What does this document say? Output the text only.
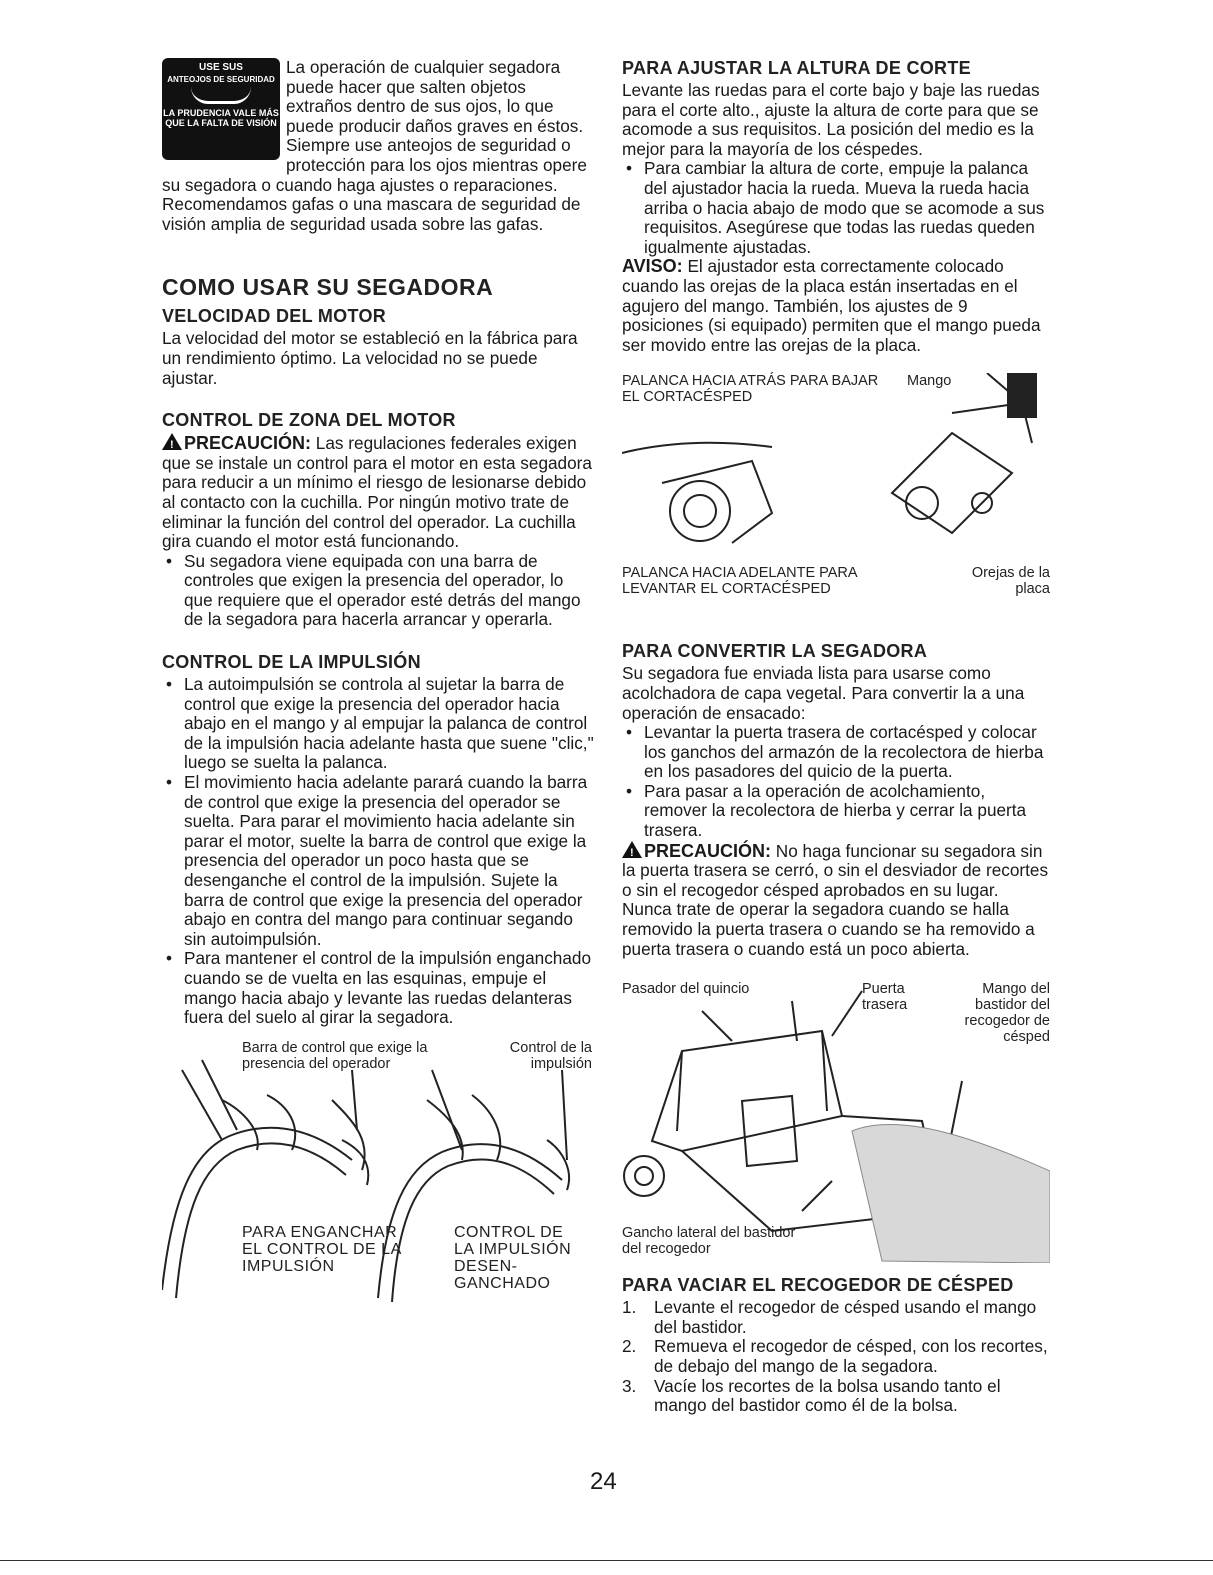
USE SUS
ANTEOJOS DE SEGURIDAD
LA PRUDENCIA VALE MÁS QUE LA FALTA DE VISIÓN

La operación de cualquier segadora puede hacer que salten objetos extraños dentro de sus ojos, lo que puede producir daños graves en éstos. Siempre use anteojos de seguridad o protección para los ojos mientras opere su segadora o cuando haga ajustes o reparaciones. Recomendamos gafas o una mascara de seguridad de visión amplia de seguridad usada sobre las gafas.

COMO USAR SU SEGADORA
VELOCIDAD DEL MOTOR

La velocidad del motor se estableció en la fábrica para un rendimiento óptimo. La velocidad no se puede ajustar.

CONTROL DE ZONA DEL MOTOR

!PRECAUCIÓN: Las regulaciones federales exigen que se instale un control para el motor en esta segadora para reducir a un mínimo el riesgo de lesionarse debido al contacto con la cuchilla. Por ningún motivo trate de eliminar la función del control del operador. La cuchilla gira cuando el motor está funcionando.

• Su segadora viene equipada con una barra de controles que exigen la presencia del operador, lo que requiere que el operador esté detrás del mango de la segadora para hacerla arrancar y operarla.
CONTROL DE LA IMPULSIÓN
• La autoimpulsión se controla al sujetar la barra de control que exige la presencia del operador hacia abajo en el mango y al empujar la palanca de control de la impulsión hacia adelante hasta que suene "clic," luego se suelta la palanca.
• El movimiento hacia adelante parará cuando la barra de control que exige la presencia del operador se suelta. Para parar el movimiento hacia adelante sin parar el motor, suelte la barra de control que exige la presencia del operador un poco hasta que se desenganche el control de la impulsión. Sujete la barra de control que exige la presencia del operador abajo en contra del mango para continuar segando sin autoimpulsión.
• Para mantener el control de la impulsión enganchado cuando se de vuelta en las esquinas, empuje el mango hacia abajo y levante las ruedas delanteras fuera del suelo al girar la segadora.
Barra de control que exige la presencia del operador
Control de la impulsión
PARA ENGANCHAR EL CONTROL DE LA IMPULSIÓN
CONTROL DE LA IMPULSIÓN DESEN- GANCHADO
PARA AJUSTAR LA ALTURA DE CORTE

Levante las ruedas para el corte bajo y baje las ruedas para el corte alto., ajuste la altura de corte para que se acomode a sus requisitos. La posición del medio es la mejor para la mayoría de los céspedes.

• Para cambiar la altura de corte, empuje la palanca del ajustador hacia la rueda. Mueva la rueda hacia arriba o hacia abajo de modo que se acomode a sus requisitos. Asegúrese que todas las ruedas queden igualmente ajustadas.

AVISO: El ajustador esta correctamente colocado cuando las orejas de la placa están insertadas en el agujero del mango. También, los ajustes de 9 posiciones (si equipado) permiten que el mango pueda ser movido entre las orejas de la placa.

PALANCA HACIA ATRÁS PARA BAJAR EL CORTACÉSPED
Mango
PALANCA HACIA ADELANTE PARA LEVANTAR EL CORTACÉSPED
Orejas de la placa
PARA CONVERTIR LA SEGADORA

Su segadora fue enviada lista para usarse como acolchadora de capa vegetal. Para convertir la a una operación de ensacado:

• Levantar la puerta trasera de cortacésped y colocar los ganchos del armazón de la recolectora de hierba en los pasadores del quicio de la puerta.
• Para pasar a la operación de acolchamiento, remover la recolectora de hierba y cerrar la puerta trasera.

!PRECAUCIÓN: No haga funcionar su segadora sin la puerta trasera se cerró, o sin el desviador de recortes o sin el recogedor césped aprobados en su lugar. Nunca trate de operar la segadora cuando se halla removido la puerta trasera o cuando se ha removido a puerta trasera o cuando está un poco abierta.

Pasador del quincio	Puerta trasera
Mango del bastidor del recogedor de césped
Gancho lateral del bastidor del recogedor
PARA VACIAR EL RECOGEDOR DE CÉSPED
1. Levante el recogedor de césped usando el mango del bastidor.
2. Remueva el recogedor de césped, con los recortes, de debajo del mango de la segadora.
3. Vacíe los recortes de la bolsa usando tanto el mango del bastidor como él de la bolsa.
24
